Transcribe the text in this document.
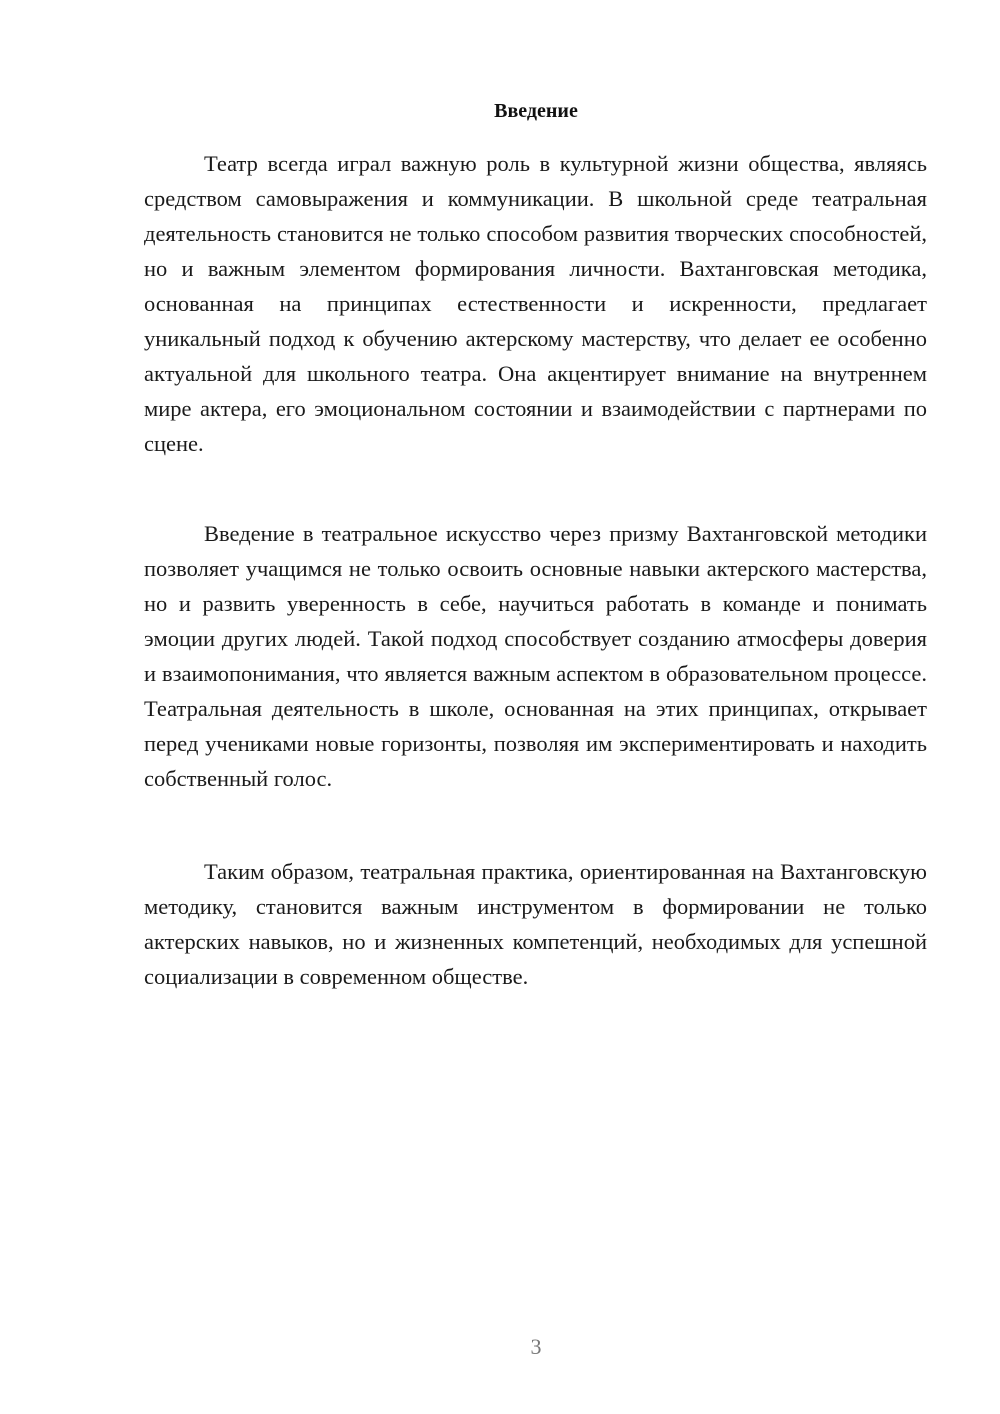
Введение

Театр всегда играл важную роль в культурной жизни общества, являясь средством самовыражения и коммуникации. В школьной среде театральная деятельность становится не только способом развития творческих способностей, но и важным элементом формирования личности. Вахтанговская методика, основанная на принципах естественности и искренности, предлагает уникальный подход к обучению актерскому мастерству, что делает ее особенно актуальной для школьного театра. Она акцентирует внимание на внутреннем мире актера, его эмоциональном состоянии и взаимодействии с партнерами по сцене.

Введение в театральное искусство через призму Вахтанговской методики позволяет учащимся не только освоить основные навыки актерского мастерства, но и развить уверенность в себе, научиться работать в команде и понимать эмоции других людей. Такой подход способствует созданию атмосферы доверия и взаимопонимания, что является важным аспектом в образовательном процессе. Театральная деятельность в школе, основанная на этих принципах, открывает перед учениками новые горизонты, позволяя им экспериментировать и находить собственный голос.

Таким образом, театральная практика, ориентированная на Вахтанговскую методику, становится важным инструментом в формировании не только актерских навыков, но и жизненных компетенций, необходимых для успешной социализации в современном обществе.

3
